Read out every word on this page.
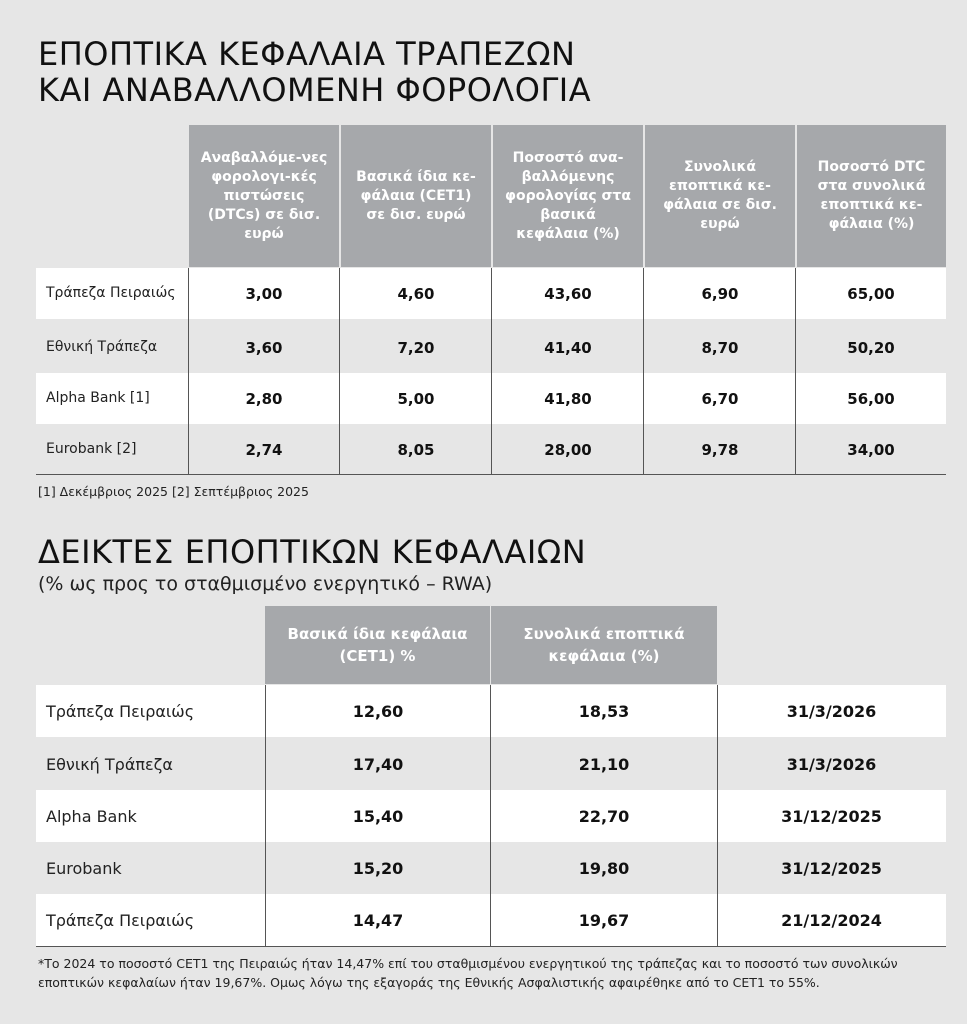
ΕΠΟΠΤΙΚΑ ΚΕΦΑΛΑΙΑ ΤΡΑΠΕΖΩΝ
ΚΑΙ ΑΝΑΒΑΛΛΟΜΕΝΗ ΦΟΡΟΛΟΓΙΑ
Αναβαλλόμε-νες φορολογι-κές πιστώσεις (DTCs) σε δισ. ευρώ
Βασικά ίδια κε-φάλαια (CET1) σε δισ. ευρώ
Ποσοστό ανα-βαλλόμενης φορολογίας στα βασικά κεφάλαια (%)
Συνολικά εποπτικά κε-φάλαια σε δισ. ευρώ
Ποσοστό DTC στα συνολικά εποπτικά κε-φάλαια (%)
Τράπεζα Πειραιώς	3,00	4,60	43,60	6,90	65,00
Εθνική Τράπεζα	3,60	7,20	41,40	8,70	50,20
Alpha Bank [1]	2,80	5,00	41,80	6,70	56,00
Eurobank [2]	2,74	8,05	28,00	9,78	34,00
[1] Δεκέμβριος 2025 [2] Σεπτέμβριος 2025
ΔΕΙΚΤΕΣ ΕΠΟΠΤΙΚΩΝ ΚΕΦΑΛΑΙΩΝ
(% ως προς το σταθμισμένο ενεργητικό – RWA)
Βασικά ίδια κεφάλαια (CET1) %
Συνολικά εποπτικά κεφάλαια (%)
Τράπεζα Πειραιώς	12,60	18,53	31/3/2026
Εθνική Τράπεζα	17,40	21,10	31/3/2026
Alpha Bank	15,40	22,70	31/12/2025
Eurobank	15,20	19,80	31/12/2025
Τράπεζα Πειραιώς	14,47	19,67	21/12/2024
*Το 2024 το ποσοστό CET1 της Πειραιώς ήταν 14,47% επί του σταθμισμένου ενεργητικού της τράπεζας και το ποσοστό των συνολικών εποπτικών κεφαλαίων ήταν 19,67%. Ομως λόγω της εξαγοράς της Εθνικής Ασφαλιστικής αφαιρέθηκε από το CET1 το 55%.
